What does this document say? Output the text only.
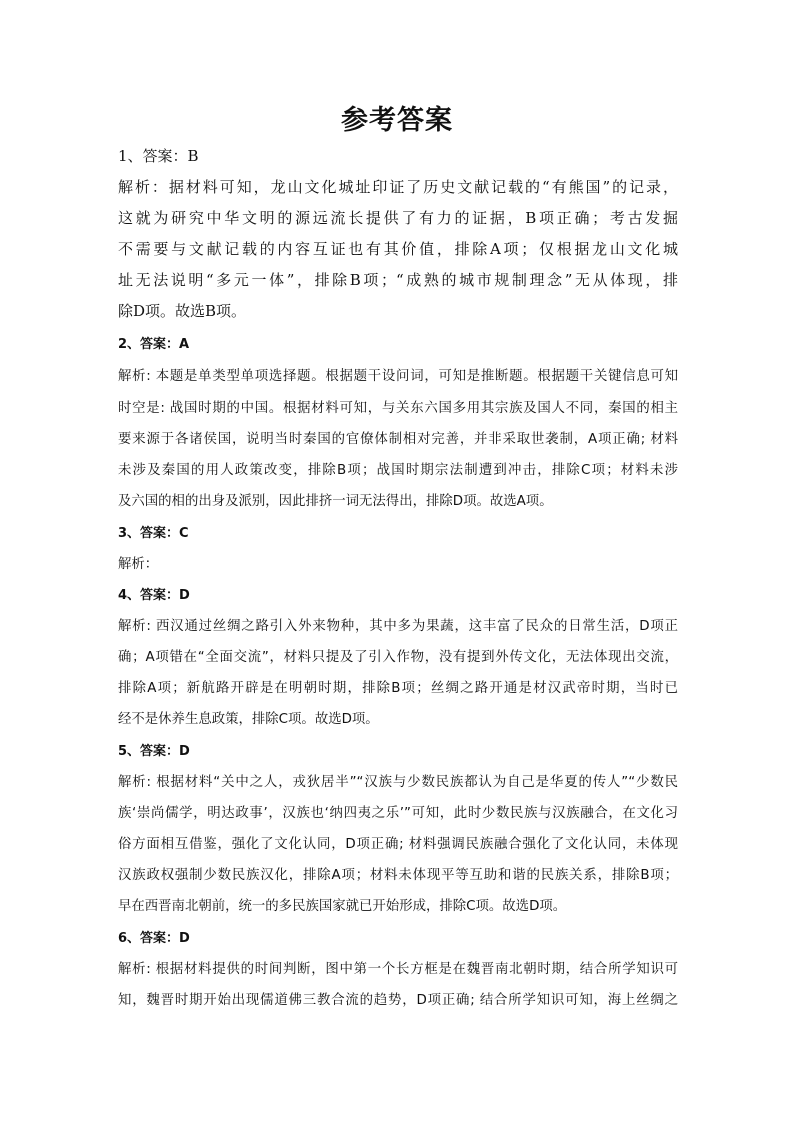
参考答案
1、答案：B
解析：据材料可知，龙山文化城址印证了历史文献记载的“有熊国”的记录，
这就为研究中华文明的源远流长提供了有力的证据，B项正确；考古发掘
不需要与文献记载的内容互证也有其价值，排除A项；仅根据龙山文化城
址无法说明“多元一体”，排除B项；“成熟的城市规制理念”无从体现，排
除D项。故选B项。
2、答案：A
解析: 本题是单类型单项选择题。根据题干设问词，可知是推断题。根据题干关键信息可知
时空是: 战国时期的中国。根据材料可知，与关东六国多用其宗族及国人不同，秦国的相主
要来源于各诸侯国，说明当时秦国的官僚体制相对完善，并非采取世袭制，A项正确; 材料
未涉及秦国的用人政策改变，排除B项；战国时期宗法制遭到冲击，排除C项；材料未涉
及六国的相的出身及派别，因此排挤一词无法得出，排除D项。故选A项。
3、答案：C
解析：
4、答案：D
解析: 西汉通过丝绸之路引入外来物种，其中多为果蔬，这丰富了民众的日常生活，D项正
确；A项错在“全面交流”，材料只提及了引入作物，没有提到外传文化，无法体现出交流，
排除A项；新航路开辟是在明朝时期，排除B项；丝绸之路开通是材汉武帝时期，当时已
经不是休养生息政策，排除C项。故选D项。
5、答案：D
解析: 根据材料“关中之人，戎狄居半”“汉族与少数民族都认为自己是华夏的传人”“少数民
族‘崇尚儒学，明达政事’，汉族也‘纳四夷之乐’”可知，此时少数民族与汉族融合，在文化习
俗方面相互借鉴，强化了文化认同，D项正确; 材料强调民族融合强化了文化认同，未体现
汉族政权强制少数民族汉化，排除A项；材料未体现平等互助和谐的民族关系，排除B项；
早在西晋南北朝前，统一的多民族国家就已开始形成，排除C项。故选D项。
6、答案：D
解析: 根据材料提供的时间判断，图中第一个长方框是在魏晋南北朝时期，结合所学知识可
知，魏晋时期开始出现儒道佛三教合流的趋势，D项正确; 结合所学知识可知，海上丝绸之
